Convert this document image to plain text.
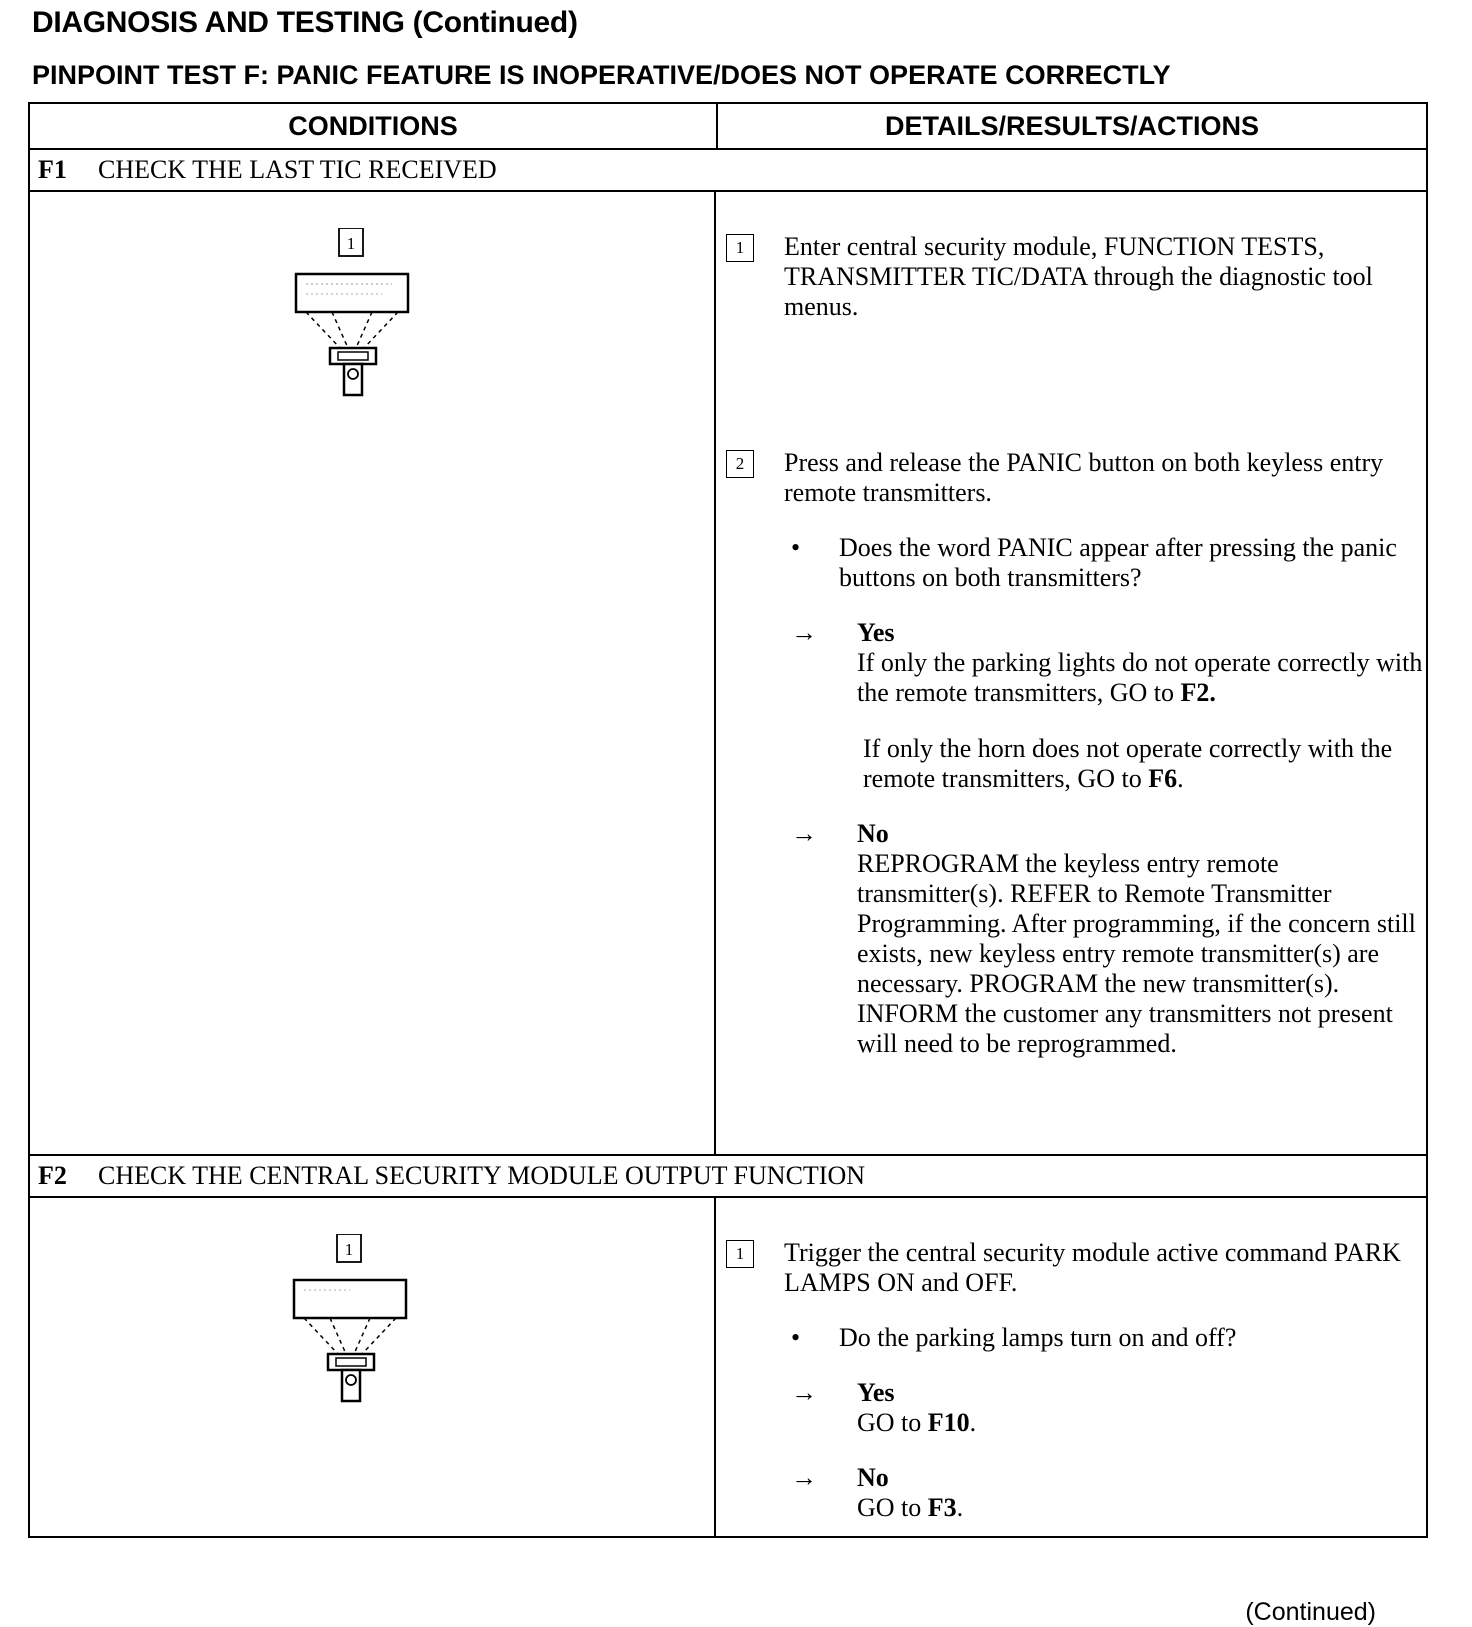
DIAGNOSIS AND TESTING (Continued)
PINPOINT TEST F: PANIC FEATURE IS INOPERATIVE/DOES NOT OPERATE CORRECTLY
CONDITIONS	DETAILS/RESULTS/ACTIONS
F1	CHECK THE LAST TIC RECEIVED
1	1	Enter central security module, FUNCTION TESTS, TRANSMITTER TIC/DATA through the diagnostic tool menus.
2	Press and release the PANIC button on both keyless entry remote transmitters.
•	Does the word PANIC appear after pressing the panic buttons on both transmitters?
→	Yes

If only the parking lights do not operate correctly with the remote transmitters, GO to F2.

If only the horn does not operate correctly with the remote transmitters, GO to F6.

→	No

REPROGRAM the keyless entry remote transmitter(s). REFER to Remote Transmitter Programming. After programming, if the concern still exists, new keyless entry remote transmitter(s) are necessary. PROGRAM the new transmitter(s). INFORM the customer any transmitters not present will need to be reprogrammed.

F2	CHECK THE CENTRAL SECURITY MODULE OUTPUT FUNCTION
1	1	Trigger the central security module active command PARK LAMPS ON and OFF.
•	Do the parking lamps turn on and off?
→	Yes

GO to F10.

→	No

GO to F3.

(Continued)
